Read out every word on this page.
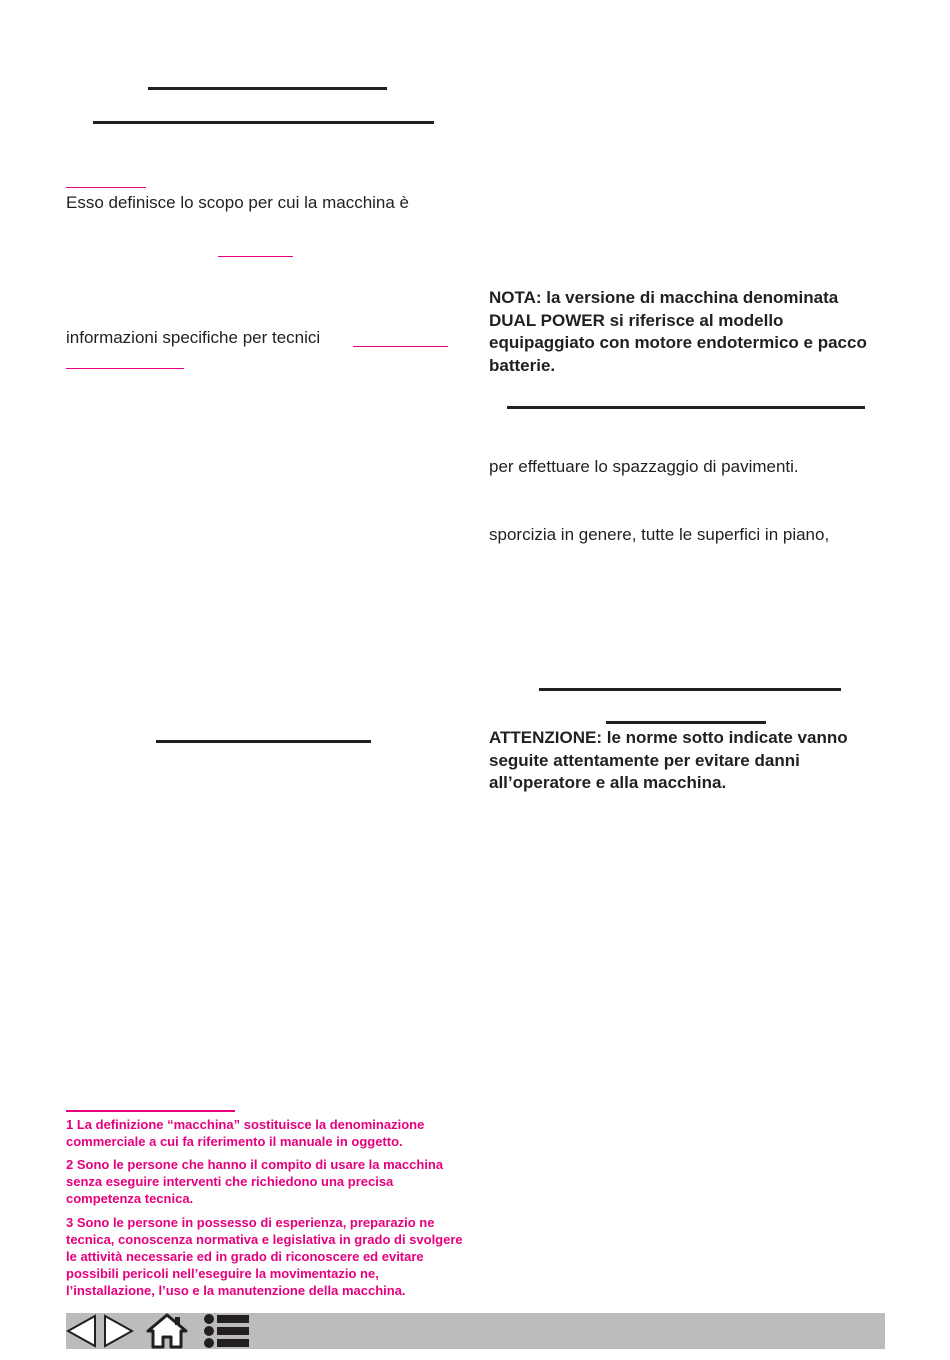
Esso definisce lo scopo per cui la macchina è
informazioni specifiche per tecnici
NOTA: la versione di macchina denominata DUAL POWER si riferisce al modello equipaggiato con motore endotermico e pacco batterie.
per effettuare lo spazzaggio di pavimenti.
sporcizia in genere, tutte le superfici in piano,
ATTENZIONE: le norme sotto indicate vanno seguite attentamente per evitare danni all’operatore e alla macchina.
1 La definizione “macchina” sostituisce la denominazione commerciale a cui fa riferimento il manuale in oggetto.
2 Sono le persone che hanno il compito di usare la macchina senza eseguire interventi che richiedono una precisa competenza tecnica.
3 Sono le persone in possesso di esperienza, preparazio ne tecnica, conoscenza normativa e legislativa in grado di svolgere le attività necessarie ed in grado di riconoscere ed evitare possibili pericoli nell’eseguire la movimentazio ne, l’installazione, l’uso e la manutenzione della macchina.
